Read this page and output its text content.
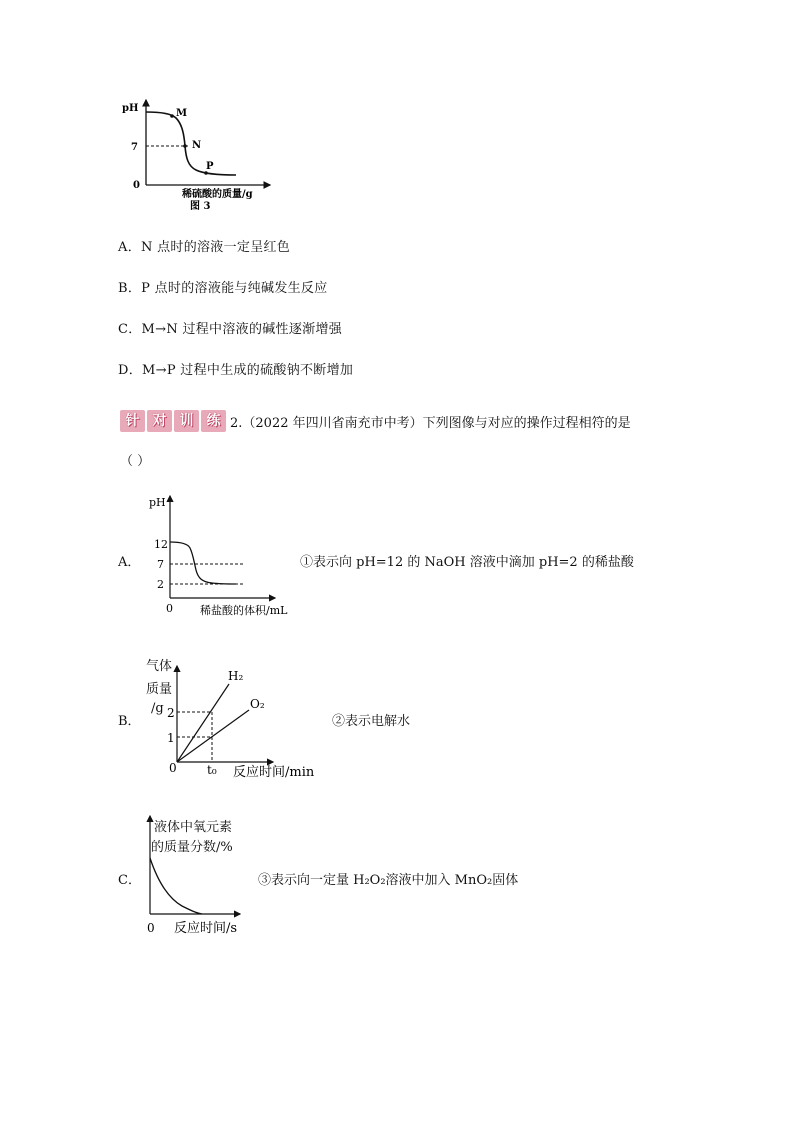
pH
7
0
M
N
P
稀硫酸的质量/g
图 3
A．N 点时的溶液一定呈红色
B．P 点时的溶液能与纯碱发生反应
C．M→N 过程中溶液的碱性逐渐增强
D．M→P 过程中生成的硫酸钠不断增加
针 对 训 练 2.（2022 年四川省南充市中考）下列图像与对应的操作过程相符的是
（ ）
A．
pH
12
7
2
0 稀盐酸的体积/mL
①表示向 pH=12 的 NaOH 溶液中滴加 pH=2 的稀盐酸
B．
气体
质量
/g 2
1
0	t₀ 反应时间/min
H₂
O₂
②表示电解水
C．
液体中氧元素
的质量分数/%
0 反应时间/s
③表示向一定量 H₂O₂溶液中加入 MnO₂固体
